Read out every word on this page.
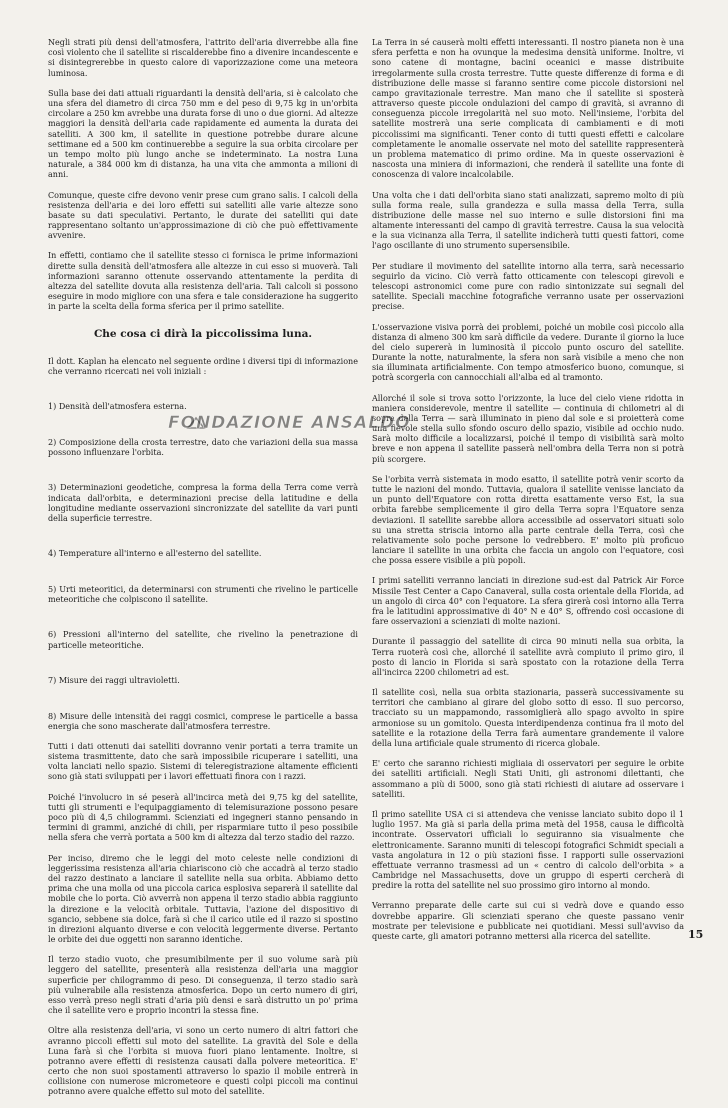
Negli strati più densi dell'atmosfera, l'attrito dell'aria diverrebbe alla fine così violento che il satellite si riscalderebbe fino a divenire incandescente e si disintegrerebbe in questo calore di vaporizzazione come una meteora luminosa.

Sulla base dei dati attuali riguardanti la densità dell'aria, si è calcolato che una sfera del diametro di circa 750 mm e del peso di 9,75 kg in un'orbita circolare a 250 km avrebbe una durata forse di uno o due giorni. Ad altezze maggiori la densità dell'aria cade rapidamente ed aumenta la durata dei satelliti. A 300 km, il satellite in questione potrebbe durare alcune settimane ed a 500 km continuerebbe a seguire la sua orbita circolare per un tempo molto più lungo anche se indeterminato. La nostra Luna naturale, a 384 000 km di distanza, ha una vita che ammonta a milioni di anni.

Comunque, queste cifre devono venir prese cum grano salis. I calcoli della resistenza dell'aria e dei loro effetti sui satelliti alle varie altezze sono basate su dati speculativi. Pertanto, le durate dei satelliti qui date rappresentano soltanto un'approssimazione di ciò che può effettivamente avvenire.

In effetti, contiamo che il satellite stesso ci fornisca le prime informazioni dirette sulla densità dell'atmosfera alle altezze in cui esso si muoverà. Tali informazioni saranno ottenute osservando attentamente la perdita di altezza del satellite dovuta alla resistenza dell'aria. Tali calcoli si possono eseguire in modo migliore con una sfera e tale considerazione ha suggerito in parte la scelta della forma sferica per il primo satellite.

Che cosa ci dirà la piccolissima luna.

Il dott. Kaplan ha elencato nel seguente ordine i diversi tipi di informazione che verranno ricercati nei voli iniziali :

1) Densità dell'atmosfera esterna.

2) Composizione della crosta terrestre, dato che variazioni della sua massa possono influenzare l'orbita.

3) Determinazioni geodetiche, compresa la forma della Terra come verrà indicata dall'orbita, e determinazioni precise della latitudine e della longitudine mediante osservazioni sincronizzate del satellite da vari punti della superficie terrestre.

4) Temperature all'interno e all'esterno del satellite.

5) Urti meteoritici, da determinarsi con strumenti che rivelino le particelle meteoritiche che colpiscono il satellite.

6) Pressioni all'interno del satellite, che rivelino la penetrazione di particelle meteoritiche.

7) Misure dei raggi ultravioletti.

8) Misure delle intensità dei raggi cosmici, comprese le particelle a bassa energia che sono mascherate dall'atmosfera terrestre.

Tutti i dati ottenuti dai satelliti dovranno venir portati a terra tramite un sistema trasmittente, dato che sarà impossibile ricuperare i satelliti, una volta lanciati nello spazio. Sistemi di teleregistrazione altamente efficienti sono già stati sviluppati per i lavori effettuati finora con i razzi.

Poiché l'involucro in sé peserà all'incirca metà dei 9,75 kg del satellite, tutti gli strumenti e l'equipaggiamento di telemisurazione possono pesare poco più di 4,5 chilogrammi. Scienziati ed ingegneri stanno pensando in termini di grammi, anziché di chili, per risparmiare tutto il peso possibile nella sfera che verrà portata a 500 km di altezza dal terzo stadio del razzo.

Per inciso, diremo che le leggi del moto celeste nelle condizioni di leggerissima resistenza all'aria chiariscono ciò che accadrà al terzo stadio del razzo destinato a lanciare il satellite nella sua orbita. Abbiamo detto prima che una molla od una piccola carica esplosiva separerà il satellite dal mobile che lo porta. Ciò avverrà non appena il terzo stadio abbia raggiunto la direzione e la velocità orbitale. Tuttavia, l'azione del dispositivo di sgancio, sebbene sia dolce, farà sì che il carico utile ed il razzo si spostino in direzioni alquanto diverse e con velocità leggermente diverse. Pertanto le orbite dei due oggetti non saranno identiche.

Il terzo stadio vuoto, che presumibilmente per il suo volume sarà più leggero del satellite, presenterà alla resistenza dell'aria una maggior superficie per chilogrammo di peso. Di conseguenza, il terzo stadio sarà più vulnerabile alla resistenza atmosferica. Dopo un certo numero di giri, esso verrà preso negli strati d'aria più densi e sarà distrutto un po' prima che il satellite vero e proprio incontri la stessa fine.

Oltre alla resistenza dell'aria, vi sono un certo numero di altri fattori che avranno piccoli effetti sul moto del satellite. La gravità del Sole e della Luna farà sì che l'orbita si muova fuori piano lentamente. Inoltre, si potranno avere effetti di resistenza causati dalla polvere meteoritica. E' certo che non suoi spostamenti attraverso lo spazio il mobile entrerà in collisione con numerose micrometeore e questi colpi piccoli ma continui potranno avere qualche effetto sul moto del satellite.

La Terra in sé causerà molti effetti interessanti. Il nostro pianeta non è una sfera perfetta e non ha ovunque la medesima densità uniforme. Inoltre, vi sono catene di montagne, bacini oceanici e masse distribuite irregolarmente sulla crosta terrestre. Tutte queste differenze di forma e di distribuzione delle masse si faranno sentire come piccole distorsioni nel campo gravitazionale terrestre. Man mano che il satellite si sposterà attraverso queste piccole ondulazioni del campo di gravità, si avranno di conseguenza piccole irregolarità nel suo moto. Nell'insieme, l'orbita del satellite mostrerà una serie complicata di cambiamenti e di moti piccolissimi ma significanti. Tener conto di tutti questi effetti e calcolare completamente le anomalie osservate nel moto del satellite rappresenterà un problema matematico di primo ordine. Ma in queste osservazioni è nascosta una miniera di informazioni, che renderà il satellite una fonte di conoscenza di valore incalcolabile.

Una volta che i dati dell'orbita siano stati analizzati, sapremo molto di più sulla forma reale, sulla grandezza e sulla massa della Terra, sulla distribuzione delle masse nel suo interno e sulle distorsioni fini ma altamente interessanti del campo di gravità terrestre. Causa la sua velocità e la sua vicinanza alla Terra, il satellite indicherà tutti questi fattori, come l'ago oscillante di uno strumento supersensibile.

Per studiare il movimento del satellite intorno alla terra, sarà necessario seguirlo da vicino. Ciò verrà fatto otticamente con telescopi girevoli e telescopi astronomici come pure con radio sintonizzate sui segnali del satellite. Speciali macchine fotografiche verranno usate per osservazioni precise.

L'osservazione visiva porrà dei problemi, poiché un mobile così piccolo alla distanza di almeno 300 km sarà difficile da vedere. Durante il giorno la luce del cielo supererà in luminosità il piccolo punto oscuro del satellite. Durante la notte, naturalmente, la sfera non sarà visibile a meno che non sia illuminata artificialmente. Con tempo atmosferico buono, comunque, si potrà scorgerla con cannocchiali all'alba ed al tramonto.

Allorché il sole si trova sotto l'orizzonte, la luce del cielo viene ridotta in maniera considerevole, mentre il satellite — continuia di chilometri al di sopra della Terra — sarà illuminato in pieno dal sole e si proietterà come una fievole stella sullo sfondo oscuro dello spazio, visibile ad occhio nudo. Sarà molto difficile a localizzarsi, poiché il tempo di visibilità sarà molto breve e non appena il satellite passerà nell'ombra della Terra non si potrà più scorgere.

Se l'orbita verrà sistemata in modo esatto, il satellite potrà venir scorto da tutte le nazioni del mondo. Tuttavia, qualora il satellite venisse lanciato da un punto dell'Equatore con rotta diretta esattamente verso Est, la sua orbita farebbe semplicemente il giro della Terra sopra l'Equatore senza deviazioni. Il satellite sarebbe allora accessibile ad osservatori situati solo su una stretta striscia intorno alla parte centrale della Terra, così che relativamente solo poche persone lo vedrebbero. E' molto più proficuo lanciare il satellite in una orbita che faccia un angolo con l'equatore, così che possa essere visibile a più popoli.

I primi satelliti verranno lanciati in direzione sud-est dal Patrick Air Force Missile Test Center a Capo Canaveral, sulla costa orientale della Florida, ad un angolo di circa 40° con l'equatore. La sfera girerà così intorno alla Terra fra le latitudini approssimative di 40° N e 40° S, offrendo così occasione di fare osservazioni a scienziati di molte nazioni.

Durante il passaggio del satellite di circa 90 minuti nella sua orbita, la Terra ruoterà così che, allorché il satellite avrà compiuto il primo giro, il posto di lancio in Florida si sarà spostato con la rotazione della Terra all'incirca 2200 chilometri ad est.

Il satellite così, nella sua orbita stazionaria, passerà successivamente su territori che cambiano al girare del globo sotto di esso. Il suo percorso, tracciato su un mappamondo, rassomiglierà allo spago avvolto in spire armoniose su un gomitolo. Questa interdipendenza continua fra il moto del satellite e la rotazione della Terra farà aumentare grandemente il valore della luna artificiale quale strumento di ricerca globale.

E' certo che saranno richiesti migliaia di osservatori per seguire le orbite dei satelliti artificiali. Negli Stati Uniti, gli astronomi dilettanti, che assommano a più di 5000, sono già stati richiesti di aiutare ad osservare i satelliti.

Il primo satellite USA ci si attendeva che venisse lanciato subito dopo il 1 luglio 1957. Ma già si parla della prima metà del 1958, causa le difficoltà incontrate. Osservatori ufficiali lo seguiranno sia visualmente che elettronicamente. Saranno muniti di telescopi fotografici Schmidt speciali a vasta angolatura in 12 o più stazioni fisse. I rapporti sulle osservazioni effettuate verranno trasmessi ad un « centro di calcolo dell'orbita » a Cambridge nel Massachusetts, dove un gruppo di esperti cercherà di predire la rotta del satellite nel suo prossimo giro intorno al mondo.

Verranno preparate delle carte sui cui si vedrà dove e quando esso dovrebbe apparire. Gli scienziati sperano che queste passano venir mostrate per televisione e pubblicate nei quotidiani. Messi sull'avviso da queste carte, gli amatori potranno mettersi alla ricerca del satellite.

FONDAZIONE ANSALDO
15
